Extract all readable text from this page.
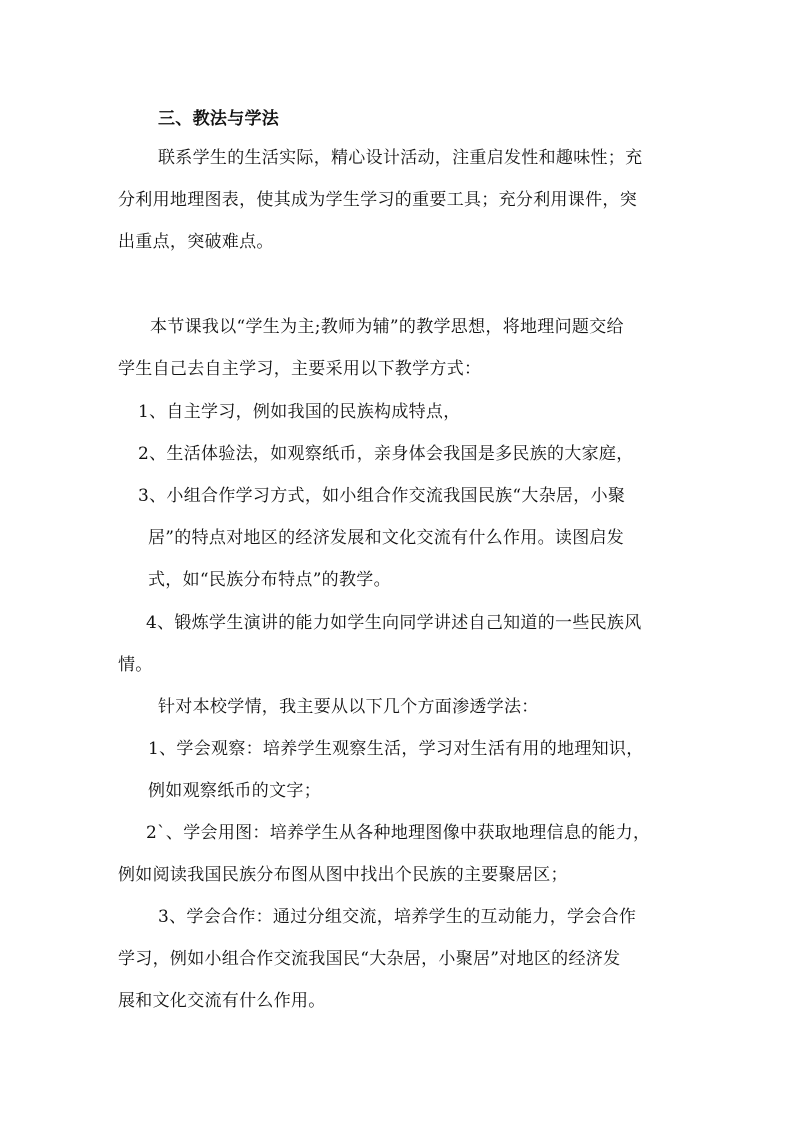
三、教法与学法
联系学生的生活实际，精心设计活动，注重启发性和趣味性；充
分利用地理图表，使其成为学生学习的重要工具；充分利用课件，突
出重点，突破难点。
本节课我以“学生为主;教师为辅”的教学思想，将地理问题交给
学生自己去自主学习，主要采用以下教学方式：
1、自主学习，例如我国的民族构成特点，
2、生活体验法，如观察纸币，亲身体会我国是多民族的大家庭，
3、小组合作学习方式，如小组合作交流我国民族“大杂居，小聚
居”的特点对地区的经济发展和文化交流有什么作用。读图启发
式，如“民族分布特点”的教学。
4、锻炼学生演讲的能力如学生向同学讲述自己知道的一些民族风
情。
针对本校学情，我主要从以下几个方面渗透学法：
1、学会观察：培养学生观察生活，学习对生活有用的地理知识，
例如观察纸币的文字；
2`、学会用图：培养学生从各种地理图像中获取地理信息的能力，
例如阅读我国民族分布图从图中找出个民族的主要聚居区；
3、学会合作：通过分组交流，培养学生的互动能力，学会合作
学习，例如小组合作交流我国民“大杂居，小聚居”对地区的经济发
展和文化交流有什么作用。
